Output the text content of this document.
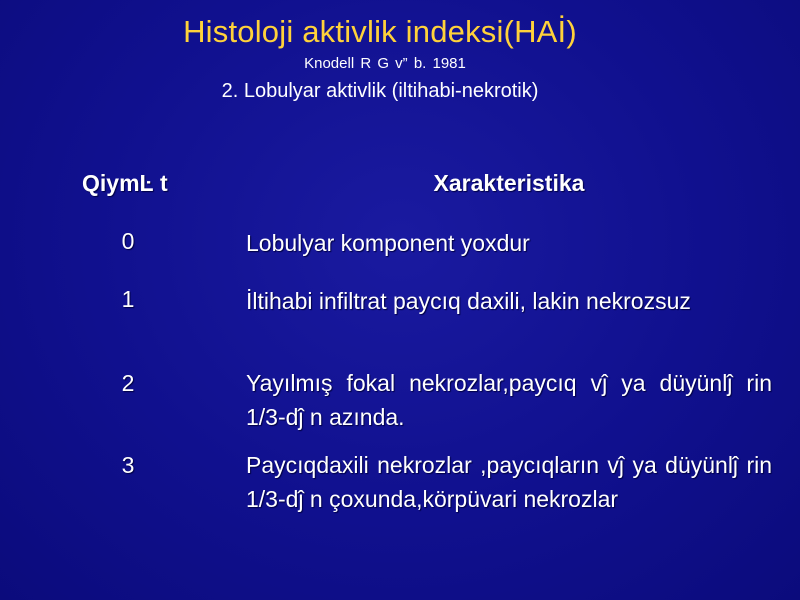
Histoloji aktivlik indeksi(HAİ)
Knodell R G v” b. 1981
2. Lobulyar aktivlik (iltihabi-nekrotik)
QiymĿ t	Xarakteristika
0	Lobulyar komponent yoxdur
1	İltihabi infiltrat paycıq daxili, lakin nekrozsuz
2	Yayılmış fokal nekrozlar,paycıq vĵ ya düyünlĵ rin 1/3-dĵ n azında.
3	Paycıqdaxili nekrozlar ,paycıqların vĵ ya düyünlĵ rin 1/3-dĵ n çoxunda,körpüvari nekrozlar
